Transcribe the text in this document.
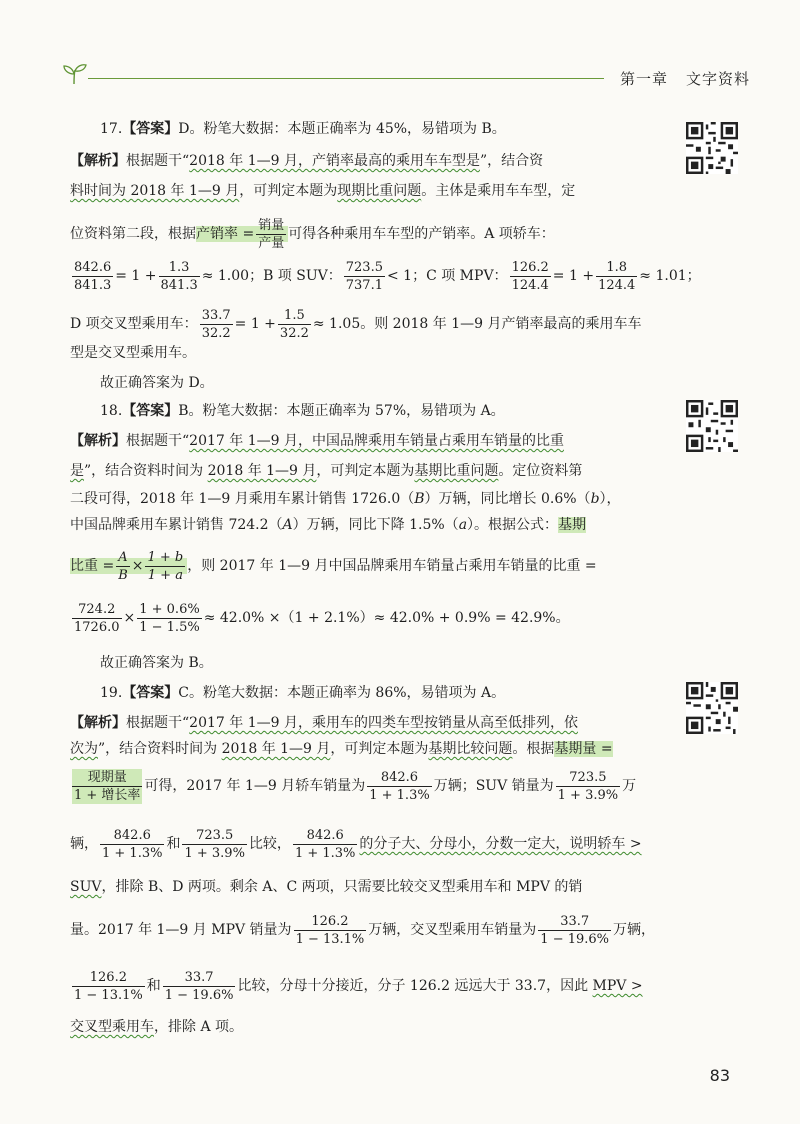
第一章 文字资料
17.【答案】D。粉笔大数据：本题正确率为 45%，易错项为 B。
【解析】根据题干“2018 年 1—9 月，产销率最高的乘用车车型是”，结合资
料时间为 2018 年 1—9 月，可判定本题为现期比重问题。主体是乘用车车型，定
位资料第二段，根据产销率 = $\frac{\text{销量}}{\text{产量}}$ 可得各种乘用车车型的产销率。A 项轿车：
$\frac{842.6}{841.3} = 1 + \frac{1.3}{841.3} \approx 1.00$；B 项 SUV： $\frac{723.5}{737.1} < 1$；C 项 MPV： $\frac{126.2}{124.4} = 1 + \frac{1.8}{124.4} \approx 1.01$；
D 项交叉型乘用车： $\frac{33.7}{32.2} = 1 + \frac{1.5}{32.2} \approx 1.05$。则 2018 年 1—9 月产销率最高的乘用车车
型是交叉型乘用车。
故正确答案为 D。
18.【答案】B。粉笔大数据：本题正确率为 57%，易错项为 A。
【解析】根据题干“2017 年 1—9 月，中国品牌乘用车销量占乘用车销量的比重
是”，结合资料时间为 2018 年 1—9 月，可判定本题为基期比重问题。定位资料第
二段可得，2018 年 1—9 月乘用车累计销售 1726.0（B）万辆，同比增长 0.6%（b），
中国品牌乘用车累计销售 724.2（A）万辆，同比下降 1.5%（a）。根据公式：基期
比重 = $\frac{A}{B} \times \frac{1 + b}{1 + a}$ ，则 2017 年 1—9 月中国品牌乘用车销量占乘用车销量的比重 =
$\frac{724.2}{1726.0} \times \frac{1 + 0.6\%}{1 - 1.5\%} \approx 42.0\% \times(1 + 2.1\%)\approx 42.0\% + 0.9\% = 42.9\%$。
故正确答案为 B。
19.【答案】C。粉笔大数据：本题正确率为 86%，易错项为 A。
【解析】根据题干“2017 年 1—9 月，乘用车的四类车型按销量从高至低排列，依
次为”，结合资料时间为 2018 年 1—9 月，可判定本题为基期比较问题。根据基期量 =
$\frac{\text{现期量}}{\text{1 + 增长率}}$ 可得，2017 年 1—9 月轿车销量为 $\frac{842.6}{1 + 1.3\%}$ 万辆；SUV 销量为 $\frac{723.5}{1 + 3.9\%}$ 万
辆， $\frac{842.6}{1 + 1.3\%}$ 和 $\frac{723.5}{1 + 3.9\%}$ 比较， $\frac{842.6}{1 + 1.3\%}$ 的分子大、分母小，分数一定大，说明轿车 >
SUV，排除 B、D 两项。剩余 A、C 两项，只需要比较交叉型乘用车和 MPV 的销
量。2017 年 1—9 月 MPV 销量为 $\frac{126.2}{1 - 13.1\%}$ 万辆，交叉型乘用车销量为 $\frac{33.7}{1 - 19.6\%}$ 万辆，
$\frac{126.2}{1 - 13.1\%}$ 和 $\frac{33.7}{1 - 19.6\%}$ 比较，分母十分接近，分子 126.2 远远大于 33.7，因此 MPV >
交叉型乘用车，排除 A 项。
83
